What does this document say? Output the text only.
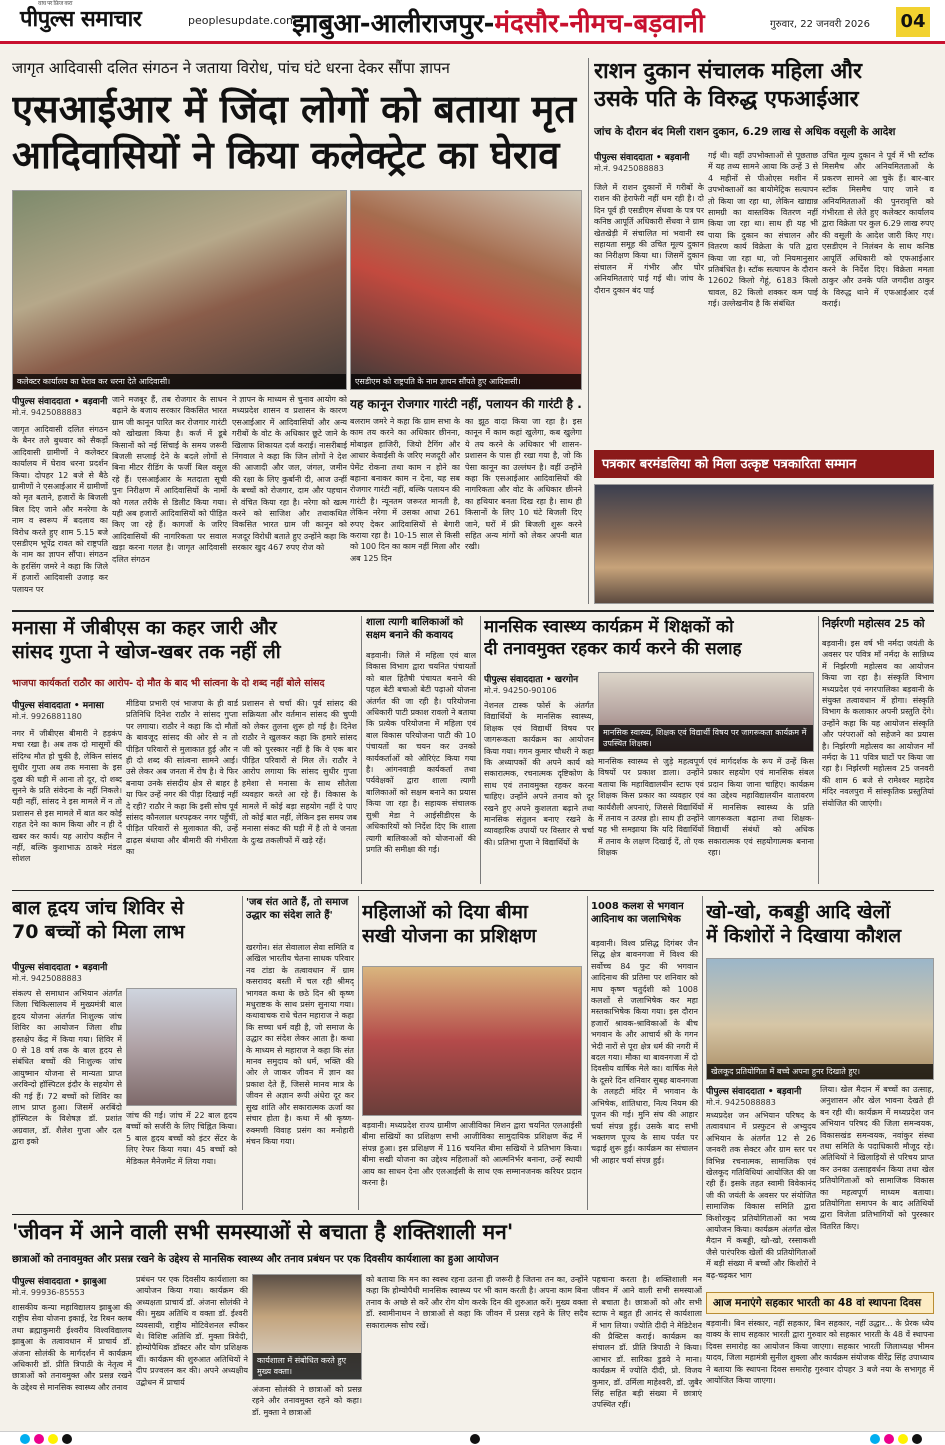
वाच पर फ्रिज करा
पीपुल्स समाचार	peoplesupdate.com
झाबुआ-आलीराजपुर-मंदसौर-नीमच-बड़वानी	गुरुवार, 22 जनवरी 2026 04
जागृत आदिवासी दलित संगठन ने जताया विरोध, पांच घंटे धरना देकर सौंपा ज्ञापन
एसआईआर में जिंदा लोगों को बताया मृत
आदिवासियों ने किया कलेक्ट्रेट का घेराव
कलेक्टर कार्यालय का घेराव कर धरना देते आदिवासी।	एसडीएम को राष्ट्रपति के नाम ज्ञापन सौंपते हुए आदिवासी।
पीपुल्स संवाददाता • बड़वानी
मो.नं. 9425088883
यह कानून रोजगार गारंटी नहीं, पलायन की गारंटी है .
जागृत आदिवासी दलित संगठन के बैनर तले बुधवार को सैकड़ों आदिवासी ग्रामीणों ने कलेक्टर कार्यालय में घेराव धरना प्रदर्शन किया। दोपहर 12 बजे से बैठे ग्रामीणों ने एसआईआर में ग्रामीणों को मृत बताने, हजारों के बिजली बिल दिए जाने और मनरेगा के नाम व स्वरूप में बदलाव का विरोध करते हुए शाम 5.15 बजे एसडीएम भूपेंद्र रावत को राष्ट्रपति के नाम का ज्ञापन सौंपा। संगठन के हरसिंग जमरे ने कहा कि जिले में हजारों आदिवासी उजाड़ कर पलायन पर
जाने मजबूर हैं, तब रोजगार के साधन बढ़ाने के बजाय सरकार विकसित भारत ग्राम जी कानून पारित कर रोजगार गारंटी को खोखला किया है। कर्ज में डूबे किसानों को नई सिंचाई के समय जरूरी बिजली सप्लाई देने के बदले लोगों से बिना मीटर रीडिंग के फर्जी बिल वसूल रहे हैं। एसआईआर के मतदाता सूची पुनः निरीक्षण में आदिवासियों के नामों को गलत तरीके से डिलीट किया गया। यही अब हजारों आदिवासियों को पीड़ित किए जा रहे हैं। कागजों के जरिए आदिवासियों की नागरिकता पर सवाल खड़ा करना गलत है। जागृत आदिवासी दलित संगठन
ने ज्ञापन के माध्यम से चुनाव आयोग को मध्यप्रदेश शासन व प्रशासन के कारण एसआईआर में आदिवासियों और अन्य गरीबों के वोट के अधिकार छूटे जाने के खिलाफ शिकायत दर्ज कराई। नासरीबाई निंगवाल ने कहा कि जिन लोगों ने देश की आजादी और जल, जंगल, जमीन की रक्षा के लिए कुर्बानी दी, आज उन्हीं के बच्चों को रोजगार, दाम और पहचान से वंचित किया रहा है। नरेगा को खत्म करने को साजिश और तथाकथित विकसित भारत ग्राम जी कानून को मजदूर विरोधी बताते हुए उन्होंने कहा कि सरकार खुद 467 रुपए रोज को
बलराम जमरे ने कहा कि ग्राम सभा के काम तय करने का अधिकार छीनना, मोबाइल हाजिरी, जियो टैगिंग और आधार केवाईसी के जरिए मजदूरी और पेमेंट रोकना तथा काम न होने का बहाना बनाकर काम न देना, यह सब रोजगार गारंटी नहीं, बल्कि पलायन की गारंटी है। न्यूनतम जरूरत मानती है, लेकिन नरेगा में उसका आधा 261 रुपए देकर आदिवासियों से बेगारी कराया रहा है। 10-15 साल से किसी को 100 दिन का काम नहीं मिला और अब 125 दिन
का झूठ वादा किया जा रहा है। इस कानून में काम कहां खुलेगा, कब खुलेगा ये तय करने के अधिकार भी शासन-प्रशासन के पास ही रखा गया है, जो कि पेसा कानून का उल्लंघन है। वहीं उन्होंने कहा कि एसआईआर आदिवासियों की नागरिकता और वोट के अधिकार छीनने का हथियार बनता दिख रहा है। साथ ही किसानों के लिए 10 घंटे बिजली दिए जाने, घरों में फ्री बिजली शुरू करने सहित अन्य मांगों को लेकर अपनी बात रखी।
राशन दुकान संचालक महिला और
उसके पति के विरुद्ध एफआईआर
जांच के दौरान बंद मिली राशन दुकान, 6.29 लाख से अधिक वसूली के आदेश
पीपुल्स संवाददाता • बड़वानी
मो.नं. 9425088883
जिले में राशन दुकानों में गरीबों के राशन की हेराफेरी नहीं थम रही है। दो दिन पूर्व ही एसडीएम सेंधवा के पत्र पर कनिष्ठ आपूर्ति अधिकारी सेंधवा ने ग्राम खेतखेड़ी में संचालित मां भवानी स्व सहायता समूह की उचित मूल्य दुकान का निरीक्षण किया था। जिसमें दुकान संचालन में गंभीर और घोर अनियमितताएं पाई गई थी। जांच के दौरान दुकान बंद पाई
गई थी। वहीं उपभोक्ताओं से पूछताछ में यह तथ्य सामने आया कि उन्हें 3 से 4 महीनों से पीओएस मशीन में उपभोक्ताओं का बायोमेट्रिक सत्यापन तो किया जा रहा था, लेकिन खाद्यान्न सामग्री का वास्तविक वितरण नहीं किया जा रहा था। साथ ही यह भी पाया कि दुकान का संचालन और वितरण कार्य विक्रेता के पति द्वारा किया जा रहा था, जो नियमानुसार प्रतिबंधित है। स्टॉक सत्यापन के दौरान 12602 किलो गेहूं, 6183 किलो चावल, 82 किलो शक्कर कम पाई गई। उल्लेखनीय है कि संबंधित
उचित मूल्य दुकान ने पूर्व में भी स्टॉक मिसमैच और अनियमितताओं के प्रकरण सामने आ चुके हैं। बार-बार स्टॉक मिसमैच पाए जाने व अनियमितताओं की पुनरावृत्ति को गंभीरता से लेते हुए कलेक्टर कार्यालय द्वारा विक्रेता पर कुल 6.29 लाख रुपए की वसूली के आदेश जारी किए गए। एसडीएम ने निलंबन के साथ कनिष्ठ आपूर्ति अधिकारी को एफआईआर करने के निर्देश दिए। विक्रेता ममता ठाकुर और उनके पति जगदीश ठाकुर के विरुद्ध थाने में एफआईआर दर्ज कराई।
पत्रकार बरमंडलिया को मिला उत्कृष्ट पत्रकारिता सम्मान
मनासा में जीबीएस का कहर जारी और
सांसद गुप्ता ने खोज-खबर तक नहीं ली
भाजपा कार्यकर्ता राठौर का आरोप- दो मौत के बाद भी सांत्वना के दो शब्द नहीं बोले सांसद
पीपुल्स संवाददाता • मनासा
मो.नं. 9926881180
नगर में जीबीएस बीमारी ने हड़कंप मचा रखा है। अब तक दो मासूमों की संदिग्ध मौत हो चुकी है, लेकिन सांसद सुधीर गुप्ता अब तक मनासा के इस दुख की घड़ी में आना तो दूर, दो शब्द सुनने के प्रति संवेदना के नहीं निकले। यही नहीं, सांसद ने इस मामले में न तो प्रशासन से इस मामले में बात कर कोई राहत देने का काम किया और न ही दे खबर कर कार्य। यह आरोप कहीन ने नहीं, बल्कि कुशाभाऊ ठाकरे मंडल सोशल
मीडिया प्रभारी एवं भाजपा के ही वार्ड प्रतिनिधि दिनेश राठौर ने सांसद गुप्ता पर लगाया। राठौर ने कहा कि दो मौतों के बावजूद सांसद की ओर से न तो पीड़ित परिवारों से मुलाकात हुई और न ही दो शब्द की सांत्वना सामने आई। उसे लेकर अब जनता में रोष है। वे फिर बनाया उनके संसदीय क्षेत्र से बाहर है या फिर उन्हें नगर की पीड़ा दिखाई नहीं दे रही? राठौर ने कहा कि इसी सोच पूर्व सांसद कौनलाल धरपढ़कर नगर पहुँचीं, पीड़ित परिवारों से मुलाकात की, उन्हें ढाढ़स बंधाया और बीमारी की गंभीरता का
प्रशासन से चर्चा की। पूर्व सांसद की सक्रियता और वर्तमान सांसद की चुप्पी को लेकर तुलना शुरू हो गई है। दिनेश राठौर ने खुलकर कहा कि हमारे सांसद जी को पुरस्कार नहीं है कि वे एक बार पीड़ित परिवारों से मिल लें। राठौर ने आरोप लगाया कि सांसद सुधीर गुप्ता हमेशा से मनासा के साथ सौतेला व्यवहार करते आ रहे हैं। विकास के मामले में कोई बड़ा सहयोग नहीं दे पाए तो कोई बात नहीं, लेकिन इस समय जब मनासा संकट की घड़ी में है तो वे जनता के दुःख तकलीफों में खड़े रहें।
शाला त्यागी बालिकाओं को सक्षम बनाने की कवायद
बड़वानी। जिले में महिला एवं बाल विकास विभाग द्वारा चयनित पंचायतों को बाल हितैषी पंचायत बनाने की पहल बेटी बचाओ बेटी पढ़ाओ योजना अंतर्गत की जा रही है। परियोजना अधिकारी पाटी प्रकाश रावलो ने बताया कि प्रत्येक परियोजना में महिला एवं बाल विकास परियोजना पाटी की 10 पंचायतों का चयन कर उनको कार्यकर्ताओं को ओरिएंट किया गया है। आंगनवाड़ी कार्यकर्ता तथा पर्यवेक्षकों द्वारा शाला त्यागी बालिकाओं को सक्षम बनाने का प्रयास किया जा रहा है। सहायक संचालक सुश्री मेडा ने आईसीडीएस के अधिकारियों को निर्देश दिए कि शाला त्यागी बालिकाओं को योजनाओं की प्रगति की समीक्षा की गई।
मानसिक स्वास्थ्य कार्यक्रम में शिक्षकों को
दी तनावमुक्त रहकर कार्य करने की सलाह
पीपुल्स संवाददाता • खरगोन
मो.नं. 94250-90106
नेशनल टास्क फोर्स के अंतर्गत विद्यार्थियों के मानसिक स्वास्थ्य, शिक्षक एवं विद्यार्थी विषय पर जागरूकता कार्यक्रम का आयोजन किया गया। गगन कुमार चौधरी ने कहा कि अध्यापकों की अपने कार्य को सकारात्मक, रचनात्मक दृष्टिकोण के साथ एवं तनावमुक्त रहकर करना चाहिए। उन्होंने अपने तनाव को दूर रखने हुए अपने कुशलता बढ़ाने तथा मानसिक संतुलन बनाए रखने के व्यावहारिक उपायों पर विस्तार से चर्चा की। प्रतिभा गुप्ता ने विद्यार्थियों के
मानसिक स्वास्थ्य, शिक्षक एवं विद्यार्थी विषय पर जागरूकता कार्यक्रम में उपस्थित शिक्षक।
मानसिक स्वास्थ्य से जुड़े महत्वपूर्ण विषयों पर प्रकाश डाला। उन्होंने बताया कि महाविद्यालयीन स्टाफ एवं शिक्षक किस प्रकार का व्यवहार एवं कार्यशैली अपनाएं, जिससे विद्यार्थियों में तनाव न उत्पन्न हो। साथ ही उन्होंने यह भी समझाया कि यदि विद्यार्थियों में तनाव के लक्षण दिखाई दें, तो एक शिक्षक
एवं मार्गदर्शक के रूप में उन्हें किस प्रकार सहयोग एवं मानसिक संबल प्रदान किया जाना चाहिए। कार्यक्रम का उद्देश्य महाविद्यालयीन वातावरण में मानसिक स्वास्थ्य के प्रति जागरूकता बढ़ाना तथा शिक्षक-विद्यार्थी संबंधों को अधिक सकारात्मक एवं सहयोगात्मक बनाना रहा।
निर्झरणी महोत्सव 25 को
बड़वानी। इस वर्ष भी नर्मदा जयंती के अवसर पर पवित्र माँ नर्मदा के सान्निध्य में निर्झरणी महोत्सव का आयोजन किया जा रहा है। संस्कृति विभाग मध्यप्रदेश एवं नगरपालिका बड़वानी के संयुक्त तत्वावधान में होगा। संस्कृति विभाग के कलाकार अपनी प्रस्तुति देंगे। उन्होंने कहा कि यह आयोजन संस्कृति और परंपराओं को सहेजने का प्रयास है। निर्झरणी महोत्सव का आयोजन माँ नर्मदा के 11 पवित्र घाटों पर किया जा रहा है। निर्झरणी महोत्सव 25 जनवरी की शाम 6 बजे से रामेश्वर महादेव मंदिर नवलपुरा में सांस्कृतिक प्रस्तुतियां संयोजित की जाएंगी।
बाल हृदय जांच शिविर से
70 बच्चों को मिला लाभ
पीपुल्स संवाददाता • बड़वानी
मो.नं. 9425088883
संकल्प से समाधान अभियान अंतर्गत जिला चिकित्सालय में मुख्यमंत्री बाल हृदय योजना अंतर्गत निःशुल्क जांच शिविर का आयोजन जिला शीघ्र हस्तक्षेप केंद्र में किया गया। शिविर में 0 से 18 वर्ष तक के बाल हृदय से संबंधित बच्चों की निःशुल्क जांच आयुष्मान योजना से मान्यता प्राप्त अरविन्दो हॉस्पिटल इंदौर के सहयोग से की गई हैं। 72 बच्चों को शिविर का लाभ प्राप्त हुआ। जिसमें अरबिंदो हॉस्पिटल के विशेषज्ञ डॉ. प्रशांत अग्रवाल, डॉ. शैलेश गुप्ता और दल द्वारा इको
जांच की गई। जांच में 22 बाल हृदय बच्चों को सर्जरी के लिए चिह्नित किया। 5 बाल हृदय बच्चों को इंटर सेंटर के लिए रेफर किया गया। 45 बच्चों को मेडिकल मैनेजमेंट में लिया गया।
'जब संत आते हैं, तो समाज उद्धार का संदेश लाते हैं'
खरगोन। संत सेवालाल सेवा समिति व अखिल भारतीय चेतना साधक परिवार नव टांडा के तत्वावधान में ग्राम कसरावद बस्ती में चल रही श्रीमद् भागवत कथा के छठे दिन श्री कृष्ण मधुराष्टक के साथ प्रसंग सुनाया गया। कथावाचक राधे चेतन महाराज ने कहा कि सच्चा धर्म वही है, जो समाज के उद्धार का संदेश लेकर आता है। कथा के माध्यम से महाराज ने कहा कि संत मानव समुदाय को धर्म, भक्ति की ओर ले जाकर जीवन में ज्ञान का प्रकाश देते हैं, जिससे मानव मात्र के जीवन से अज्ञान रूपी अंधेरा दूर कर सुख शांति और सकारात्मक ऊर्जा का संचार होता है। कथा में श्री कृष्ण-रुक्मणी विवाह प्रसंग का मनोहारी मंचन किया गया।
महिलाओं को दिया बीमा
सखी योजना का प्रशिक्षण
बड़वानी। मध्यप्रदेश राज्य ग्रामीण आजीविका मिशन द्वारा चयनित एलआईसी बीमा सखियों का प्रशिक्षण सभी आजीविका सामुदायिक प्रशिक्षण केंद्र में संपन्न हुआ। इस प्रशिक्षण में 116 चयनित बीमा सखियों ने प्रतिभाग किया। बीमा सखी योजना का उद्देश्य महिलाओं को आत्मनिर्भर बनाना, उन्हें स्थायी आय का साधन देना और एलआईसी के साथ एक सम्मानजनक करियर प्रदान करना है।
1008 कलश से भगवान आदिनाथ का जलाभिषेक
बड़वानी। विश्व प्रसिद्ध दिगंबर जैन सिद्ध क्षेत्र बावनगजा में विश्व की सर्वोच्च 84 फुट की भगवान आदिनाथ की प्रतिमा पर शनिवार को माघ कृष्ण चतुर्दशी को 1008 कलशों से जलाभिषेक कर महा मस्तकाभिषेक किया गया। इस दौरान हजारों श्रावक-श्राविकाओं के बीच भगवान के और आचार्य श्री के गगन भेदी नारों से पूरा क्षेत्र धर्म की नगरी में बदल गया। मौका था बावनगजा में दो दिवसीय वार्षिक मेले का। वार्षिक मेले के दूसरे दिन शनिवार सुबह बावनगजा के तलहटी मंदिर में भगवान के अभिषेक, शांतिधारा, नित्य नियम की पूजन की गई। मुनि संघ की आहार चर्या संपन्न हुई। उसके बाद सभी भक्तगण पूज्य के साथ पर्वत पर चढ़ाई शुरू हुई। कार्यक्रम का संचालन भी आहार चर्या संपन्न हुई।
खो-खो, कबड्डी आदि खेलों
में किशोरों ने दिखाया कौशल
खेलकूद प्रतियोगिता में बच्चे अपना हुनर दिखाते हुए।
पीपुल्स संवाददाता • बड़वानी
मो.नं. 9425088883
मध्यप्रदेश जन अभियान परिषद के तत्वावधान में प्रस्फुटन से अभ्युदय अभियान के अंतर्गत 12 से 26 जनवरी तक सेक्टर और ग्राम स्तर पर विभिन्न रचनात्मक, सामाजिक एवं खेलकूद गतिविधियां आयोजित की जा रही हैं। इसके तहत स्वामी विवेकानंद जी की जयंती के अवसर पर संयोजित सामाजिक विकास समिति द्वारा किशोरकूद प्रतियोगिताओं का भव्य आयोजन किया। कार्यक्रम अंतर्गत खेल मैदान में कबड्डी, खो-खो, रस्साकशी जैसे पारंपरिक खेलों की प्रतियोगिताओं में बड़ी संख्या में बच्चों और किशोरों ने बढ़-चढ़कर भाग
लिया। खेल मैदान में बच्चों का उत्साह, अनुशासन और खेल भावना देखते ही बन रही थी। कार्यक्रम में मध्यप्रदेश जन अभियान परिषद की जिला समन्वयक, विकासखंड समन्वयक, नवांकुर संस्था तथा समिति के पदाधिकारी मौजूद रहे। अतिथियों ने खिलाड़ियों से परिचय प्राप्त कर उनका उत्साहवर्धन किया तथा खेल प्रतियोगिताओं को सामाजिक विकास का महत्वपूर्ण माध्यम बताया। प्रतियोगिता समापन के बाद अतिथियों द्वारा विजेता प्रतिभागियों को पुरस्कार वितरित किए।
आज मनाएंगे सहकार भारती का 48 वां स्थापना दिवस
बड़वानी। बिन संस्कार, नहीं सहकार, बिन सहकार, नहीं उद्धार... के प्रेरक ध्येय वाक्य के साथ सहकार भारती द्वारा गुरुवार को सहकार भारती के 48 वें स्थापना दिवस समारोह का आयोजन किया जाएगा। सहकार भारती जिलाध्यक्ष भीमन यादव, जिला महामंत्री सुनील शुक्ला और कार्यक्रम संयोजक वीरेंद्र सिंह उपाध्याय ने बताया कि स्थापना दिवस समारोह गुरुवार दोपहर 3 बजे नया के सभागृह में आयोजित किया जाएगा।
'जीवन में आने वाली सभी समस्याओं से बचाता है शक्तिशाली मन'
छात्राओं को तनावमुक्त और प्रसन्न रखने के उद्देश्य से मानसिक स्वास्थ्य और तनाव प्रबंधन पर एक दिवसीय कार्यशाला का हुआ आयोजन
पीपुल्स संवाददाता • झाबुआ
मो.नं. 99936-85553
शासकीय कन्या महाविद्यालय झाबुआ की राष्ट्रीय सेवा योजना इकाई, रेड रिबन क्लब तथा ब्रह्माकुमारी ईश्वरीय विश्वविद्यालय झाबुआ के तत्वावधान में प्राचार्य डॉ. अंजना सोलंकी के मार्गदर्शन में कार्यक्रम अधिकारी डॉ. प्रीति त्रिपाठी के नेतृत्व में छात्राओं को तनावमुक्त और प्रसन्न रखने के उद्देश्य से मानसिक स्वास्थ्य और तनाव
प्रबंधन पर एक दिवसीय कार्यशाला का आयोजन किया गया। कार्यक्रम की अध्यक्षता प्राचार्य डॉ. अंजना सोलंकी ने की। मुख्य अतिथि व वक्ता डॉ. ईश्वरी व्यवसायी, राष्ट्रीय मोटिवेशनल स्पीकर थे। विशिष्ट अतिथि डॉ. मुक्ता त्रिवेदी, होम्योपैथिक डॉक्टर और योग प्रशिक्षक थीं। कार्यक्रम की शुरुआत अतिथियों ने दीप प्रज्वलन कर की। अपने अध्यक्षीय उद्बोधन में प्राचार्य
कार्यशाला में संबोधित करते हुए मुख्य वक्ता।
अंजना सोलंकी ने छात्राओं को प्रसन्न रहने और तनावमुक्त रहने को कहा। डॉ. मुक्ता ने छात्राओं
को बताया कि मन का स्वस्थ रहना उतना ही जरूरी है जितना तन का, उन्होंने कहा कि होम्योपैथी मानसिक स्वास्थ्य पर भी काम करती है। अपना काम बिना तनाव के अच्छे से करें और रोग योग करके दिन की शुरुआत करें। मुख्य वक्ता डॉ. स्वामीनाथन ने छात्राओं से कहा कि जीवन में प्रसन्न रहने के लिए सदैव सकारात्मक सोच रखें।
पहचाना करता है। शक्तिशाली मन जीवन में आने वाली सभी समस्याओं से बचाता है। छात्राओं को और सभी स्टाफ ने बहुत ही आनंद से कार्यशाला में भाग लिया। ज्योति दीदी ने मेडिटेशन की प्रैक्टिस कराई। कार्यक्रम का संचालन डॉ. प्रीति त्रिपाठी ने किया। आभार डॉ. सारिका डुडवे ने माना। कार्यक्रम में ज्योति दीदी, प्रो. विजय कुमार, डॉ. उर्मिला माहेश्वरी, डॉ. जुबैर सिंह सहित बड़ी संख्या में छात्राएं उपस्थित रहीं।
